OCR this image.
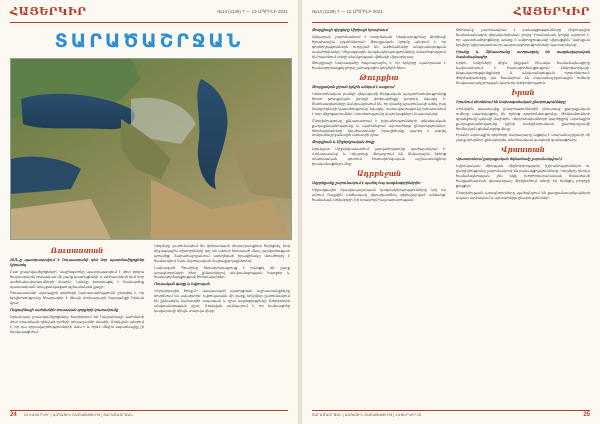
ՀԱՅԵՐԿԻՐ	№14 (1139) 7 — 13 ԱՊՐԻԼԻ 2021
ՏԱՐԱԾԱՇՐՋԱՆ
Ռուսաստան

ԱՄՆ-ը պատրաստվում է Ռուսաստանի դեմ նոր պատժամիջոցներ կիրառել

Ըստ լրատվամիջոցների՝ Վաշինգտոնը պատրաստվում է մոտ օրերս հայտարարել ռուսական մի շարք կառույցների և անհատների դեմ նոր սահմանափակումների մասին։ Կրեմլը խոստացել է համարժեք պատասխան տալ ցանկացած թշնամական քայլի։

Ռուսաստանի արտաքին գործերի նախարարությունն ընդգծել է, որ երկխոսությունը հնարավոր է միայն փոխադարձ հարգանքի հիման վրա։

Ուկրաինայի սահմանին ռուսական զորքերի կուտակումը

Արևմտյան լրատվամիջոցները հաղորդում են Ուկրաինայի սահմանի մոտ ռուսական զինված ուժերի տեղաշարժի մասին։ Մոսկվան պնդում է, որ դա զորավարժությունների մաս է և որևէ մեկին սպառնալիք չի ներկայացնում։

Կողմերը շարունակում են փոխադարձ մեղադրանքներ հնչեցնել, իսկ միջազգային դիտորդները կոչ են անում ձեռնպահ մնալ լարվածության սրումից։ Տարածաշրջանում ստեղծված իրավիճակը մտահոգիչ է համարվում նաև եվրոպական մայրաքաղաքներում։

Նախագահ Պուտինը հեռախոսազրույց է ունեցել մի շարք առաջնորդների հետ՝ քննարկելով անվտանգության հարցեր և համագործակցության հեռանկարներ։

Ռուսական գազը և Եվրոպան

«Հյուսիսային հոսք-2» գազատարի կառուցման աշխատանքները մոտենում են ավարտին։ Եվրոպական մի շարք երկրներ շարունակում են քննարկել նախագծի ապագան և դրա ազդեցությունը էներգետիկ անվտանգության վրա։ Մոսկվան ակնկալում է, որ նախագիծը կավարտվի մինչև տարվա վերջ։

24 24 ՀԱՅԵՐԿԻՐ | ԱԶԳԱՅԻՆ ՇԱԲԱԹԱԹԵՐԹ | ՏԱՐԱԾԱՇՐՋԱՆ
№14 (1139) 7 — 13 ԱՊՐԻԼԻ 2021	ՀԱՅԵՐԿԻՐ

Թուրքիայի դիրքերը Սիրիայի հյուսիսում

Անկարան շարունակում է ռազմական ներկայությունը Սիրիայի հյուսիսային շրջաններում։ Թուրքական կողմը պնդում է, որ գործողություններն ուղղված են սահմանների անվտանգության ապահովմանը։ Միջազգային կազմակերպությունները մտահոգություն են հայտնում տեղի բնակչության վիճակի վերաբերյալ։

Թուրքիայի նախագահը հայտարարել է, որ երկիրը պատրաստ է համագործակցել բոլոր շահագրգիռ կողմերի հետ։

Թուրքիա

Թուրքական լիրան կրկին անկում է ապրում

Կենտրոնական բանկի ղեկավարի հերթական պաշտոնանկությունից հետո թուրքական լիրայի փոխարժեքը կտրուկ նվազել է։ Տնտեսագետները կանխատեսում են, որ գնաճը կշարունակի աճել, իսկ ներդրողների վստահությունը՝ նվազել։ Կառավարությունը խոստանում է նոր միջոցառումներ՝ տնտեսությունը կայունացնելու նպատակով։

Ընդդիմությունը քննադատում է իշխանությունների տնտեսական քաղաքականությունը և պահանջում արտահերթ ընտրություններ։ Փորձագետների գնահատմամբ՝ իրավիճակը կարող է ազդել տարածաշրջանային առևտրի վրա։

Թուրքիան և Միջերկրական ծովը

Արևելյան Միջերկրականում լարվածությունը պահպանվում է։ Հունաստանը և Կիպրոսը մեղադրում են Անկարային իրենց տնտեսական գոտում հետախուզական աշխատանքներ իրականացնելու մեջ։

Ադրբեջան

Ադրբեջանը շարունակում է պահել հայ ռազմագերիներին

Միջազգային իրավապաշտպան կազմակերպությունները կոչ են անում Բաքվին անհապաղ վերադարձնել գերեվարված անձանց՝ համաձայն նոյեմբերի 9-ի եռակողմ հայտարարության։

Թեհրանը շարունակում է բանակցությունները միջուկային համաձայնագրի վերականգնման շուրջ։ Իրանական կողմը պնդում է, որ պատժամիջոցները պետք է ամբողջությամբ վերացվեն՝ նախքան երկիրը կվերադառնա իր պարտավորությունների կատարմանը։

Իրանը և Չինաստանը ստորագրել են ռազմավարական համաձայնագիր

Երկու երկրների միջև կնքված 25-ամյա համաձայնագիրը նախատեսում է համագործակցություն էներգետիկայի, ենթակառուցվածքների և անվտանգության ոլորտներում։ Փորձագետները դա համարում են տարածաշրջանային ուժերի հավասարակշռության կարևոր փոփոխություն։

Իրան

Իրանում մոտենում են նախագահական ընտրությունները

Հունիսին կայանալիք ընտրություններին ընդառաջ քաղաքական ուժերը ակտիվացրել են իրենց գործունեությունը։ Թեկնածուների գրանցումը կսկսվի մայիսին։ Վերլուծաբանների կարծիքով՝ արտաքին քաղաքականությունը կլինի նախընտրական քարոզարշավի հիմնական թեմաներից մեկը։

Իրանի արտաքին գործերի նախարարը այցելել է տարածաշրջանի մի շարք երկրներ՝ քննարկելու տնտեսական կապերի զարգացումը։

Վրաստան

Վրաստանում քաղաքական ճգնաժամը շարունակվում է

Եվրոպական միության միջնորդությամբ իշխանություններն ու ընդդիմությունը շարունակում են բանակցությունները։ Կողմերը դեռևս համաձայնության չեն եկել խորհրդարանական ճգնաժամի հաղթահարման վերաբերյալ։ Թբիլիսիում տեղի են ունեցել բողոքի ցույցեր։

Ընդդիմության առաջնորդները պահանջում են քաղբանտարկյալների ազատ արձակում և արտահերթ ընտրություններ։

ՏԱՐԱԾԱՇՐՋԱՆ | ԱԶԳԱՅԻՆ ՇԱԲԱԹԱԹԵՐԹ | ՀԱՅԵՐԿԻՐ 25	25
